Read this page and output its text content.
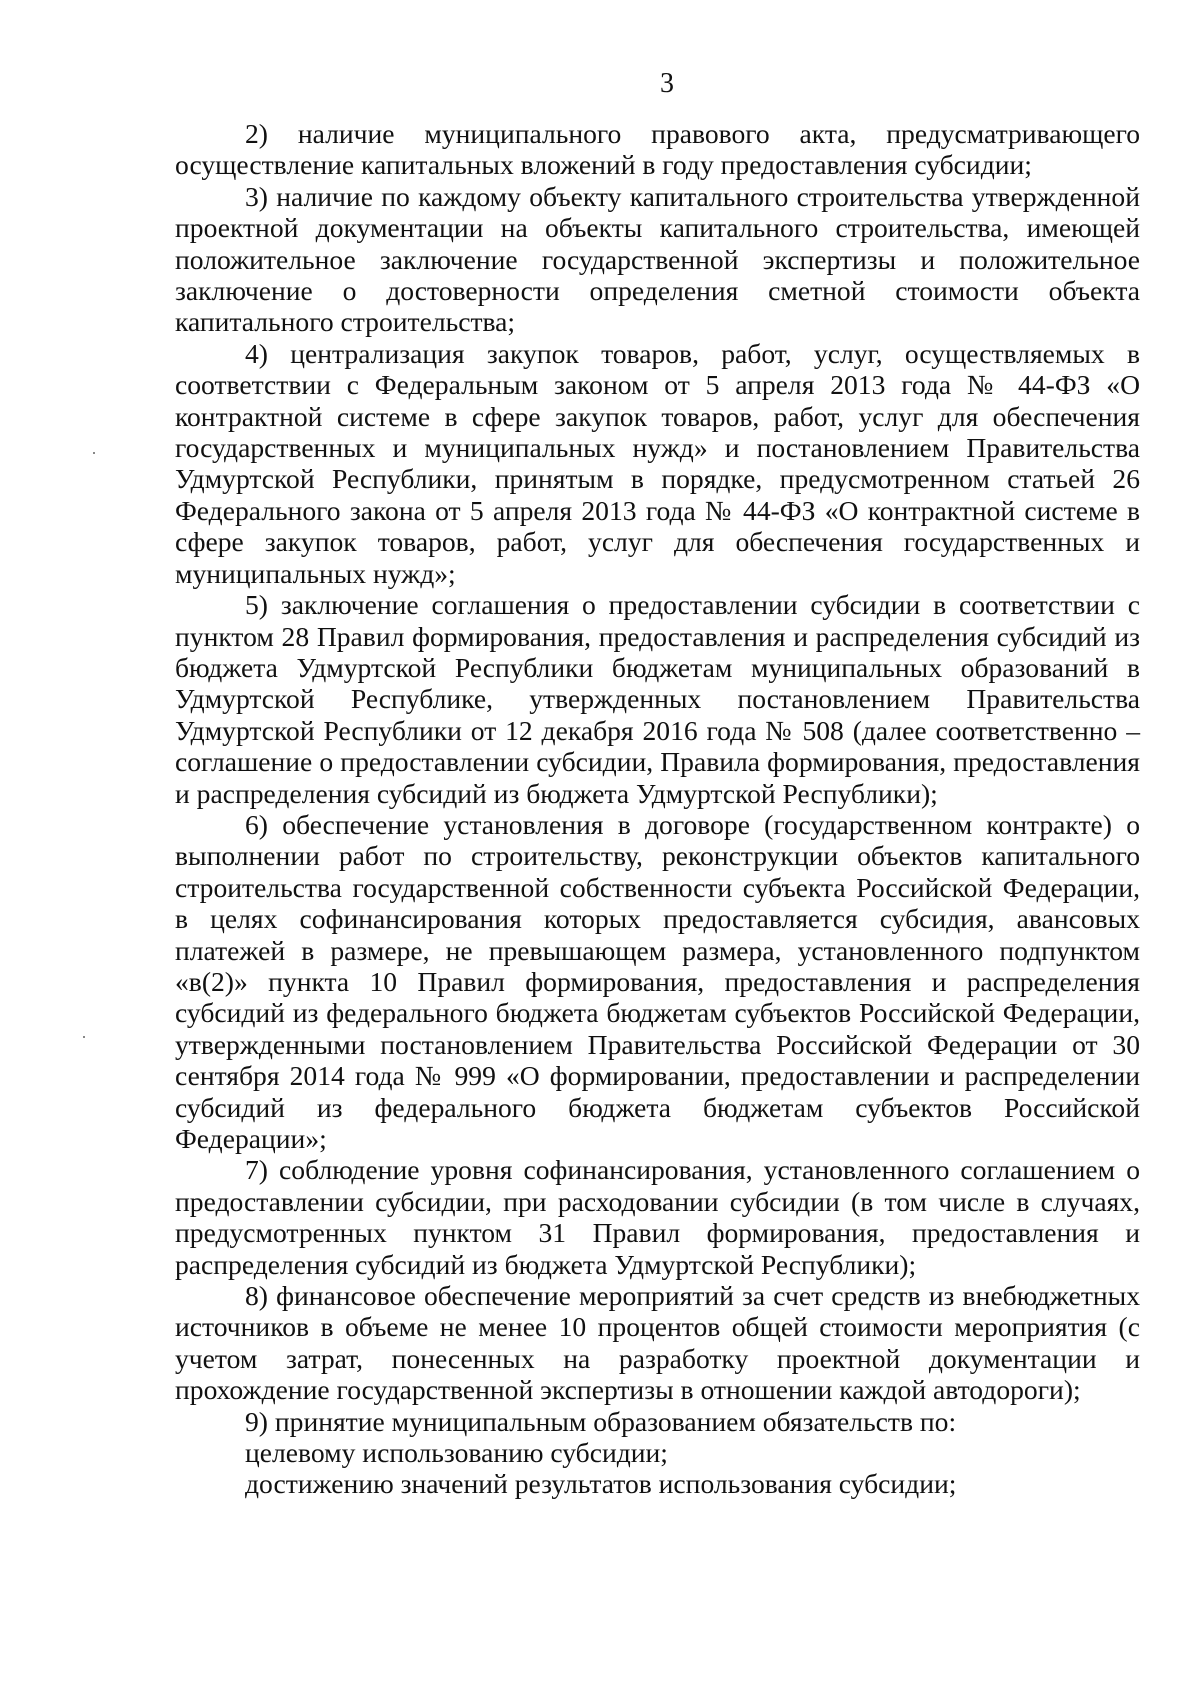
3

2) наличие муниципального правового акта, предусматривающего осуществление капитальных вложений в году предоставления субсидии;

3) наличие по каждому объекту капитального строительства утвержденной проектной документации на объекты капитального строительства, имеющей положительное заключение государственной экспертизы и положительное заключение о достоверности определения сметной стоимости объекта капитального строительства;

4) централизация закупок товаров, работ, услуг, осуществляемых в соответствии с Федеральным законом от 5 апреля 2013 года № 44-ФЗ «О контрактной системе в сфере закупок товаров, работ, услуг для обеспечения государственных и муниципальных нужд» и постановлением Правительства Удмуртской Республики, принятым в порядке, предусмотренном статьей 26 Федерального закона от 5 апреля 2013 года № 44-ФЗ «О контрактной системе в сфере закупок товаров, работ, услуг для обеспечения государственных и муниципальных нужд»;

5) заключение соглашения о предоставлении субсидии в соответствии с пунктом 28 Правил формирования, предоставления и распределения субсидий из бюджета Удмуртской Республики бюджетам муниципальных образований в Удмуртской Республике, утвержденных постановлением Правительства Удмуртской Республики от 12 декабря 2016 года № 508 (далее соответственно – соглашение о предоставлении субсидии, Правила формирования, предоставления и распределения субсидий из бюджета Удмуртской Республики);

6) обеспечение установления в договоре (государственном контракте) о выполнении работ по строительству, реконструкции объектов капитального строительства государственной собственности субъекта Российской Федерации, в целях софинансирования которых предоставляется субсидия, авансовых платежей в размере, не превышающем размера, установленного подпунктом «в(2)» пункта 10 Правил формирования, предоставления и распределения субсидий из федерального бюджета бюджетам субъектов Российской Федерации, утвержденными постановлением Правительства Российской Федерации от 30 сентября 2014 года № 999 «О формировании, предоставлении и распределении субсидий из федерального бюджета бюджетам субъектов Российской Федерации»;

7) соблюдение уровня софинансирования, установленного соглашением о предоставлении субсидии, при расходовании субсидии (в том числе в случаях, предусмотренных пунктом 31 Правил формирования, предоставления и распределения субсидий из бюджета Удмуртской Республики);

8) финансовое обеспечение мероприятий за счет средств из внебюджетных источников в объеме не менее 10 процентов общей стоимости мероприятия (с учетом затрат, понесенных на разработку проектной документации и прохождение государственной экспертизы в отношении каждой автодороги);

9) принятие муниципальным образованием обязательств по:

целевому использованию субсидии;

достижению значений результатов использования субсидии;
